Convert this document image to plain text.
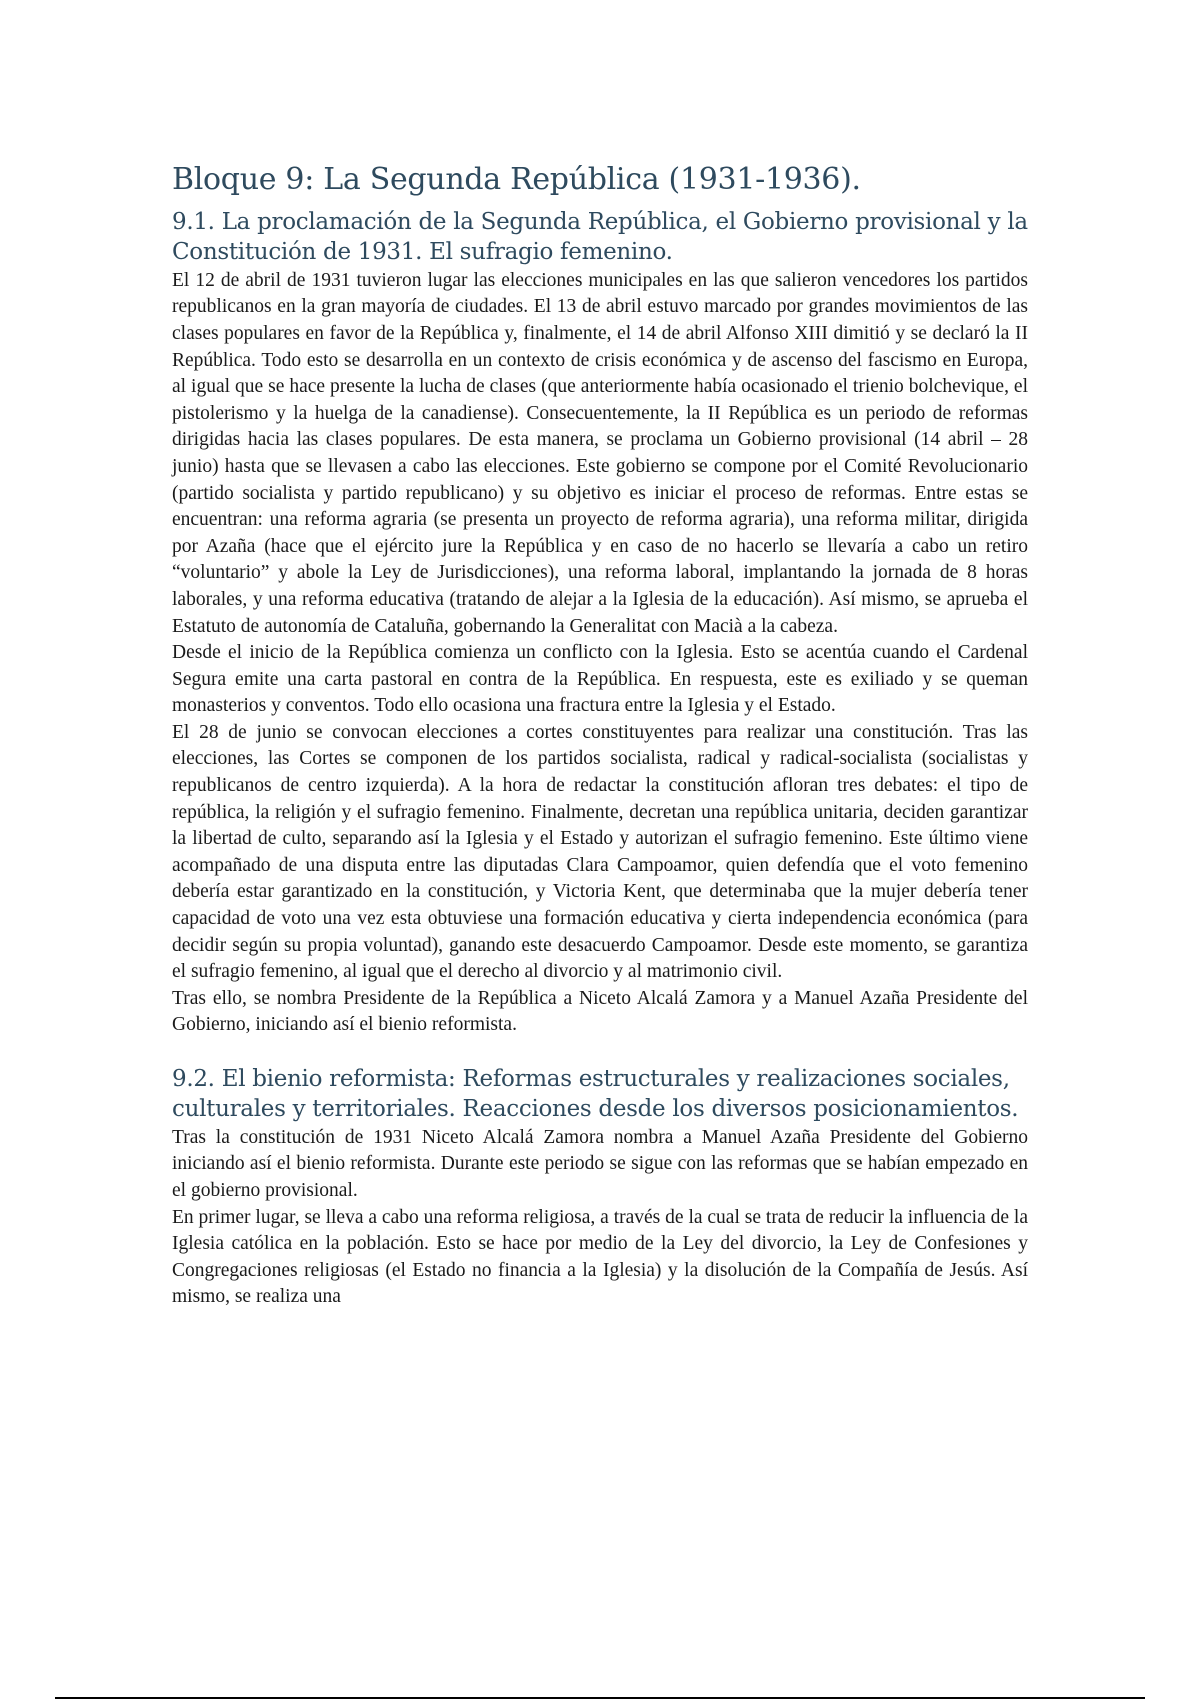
Bloque 9: La Segunda República (1931-1936).
9.1. La proclamación de la Segunda República, el Gobierno provisional y la Constitución de 1931. El sufragio femenino.

El 12 de abril de 1931 tuvieron lugar las elecciones municipales en las que salieron vencedores los partidos republicanos en la gran mayoría de ciudades. El 13 de abril estuvo marcado por grandes movimientos de las clases populares en favor de la República y, finalmente, el 14 de abril Alfonso XIII dimitió y se declaró la II República. Todo esto se desarrolla en un contexto de crisis económica y de ascenso del fascismo en Europa, al igual que se hace presente la lucha de clases (que anteriormente había ocasionado el trienio bolchevique, el pistolerismo y la huelga de la canadiense). Consecuentemente, la II República es un periodo de reformas dirigidas hacia las clases populares. De esta manera, se proclama un Gobierno provisional (14 abril – 28 junio) hasta que se llevasen a cabo las elecciones. Este gobierno se compone por el Comité Revolucionario (partido socialista y partido republicano) y su objetivo es iniciar el proceso de reformas. Entre estas se encuentran: una reforma agraria (se presenta un proyecto de reforma agraria), una reforma militar, dirigida por Azaña (hace que el ejército jure la República y en caso de no hacerlo se llevaría a cabo un retiro “voluntario” y abole la Ley de Jurisdicciones), una reforma laboral, implantando la jornada de 8 horas laborales, y una reforma educativa (tratando de alejar a la Iglesia de la educación). Así mismo, se aprueba el Estatuto de autonomía de Cataluña, gobernando la Generalitat con Macià a la cabeza.

Desde el inicio de la República comienza un conflicto con la Iglesia. Esto se acentúa cuando el Cardenal Segura emite una carta pastoral en contra de la República. En respuesta, este es exiliado y se queman monasterios y conventos. Todo ello ocasiona una fractura entre la Iglesia y el Estado.

El 28 de junio se convocan elecciones a cortes constituyentes para realizar una constitución. Tras las elecciones, las Cortes se componen de los partidos socialista, radical y radical-socialista (socialistas y republicanos de centro izquierda). A la hora de redactar la constitución afloran tres debates: el tipo de república, la religión y el sufragio femenino. Finalmente, decretan una república unitaria, deciden garantizar la libertad de culto, separando así la Iglesia y el Estado y autorizan el sufragio femenino. Este último viene acompañado de una disputa entre las diputadas Clara Campoamor, quien defendía que el voto femenino debería estar garantizado en la constitución, y Victoria Kent, que determinaba que la mujer debería tener capacidad de voto una vez esta obtuviese una formación educativa y cierta independencia económica (para decidir según su propia voluntad), ganando este desacuerdo Campoamor. Desde este momento, se garantiza el sufragio femenino, al igual que el derecho al divorcio y al matrimonio civil.

Tras ello, se nombra Presidente de la República a Niceto Alcalá Zamora y a Manuel Azaña Presidente del Gobierno, iniciando así el bienio reformista.

9.2. El bienio reformista: Reformas estructurales y realizaciones sociales, culturales y territoriales. Reacciones desde los diversos posicionamientos.

Tras la constitución de 1931 Niceto Alcalá Zamora nombra a Manuel Azaña Presidente del Gobierno iniciando así el bienio reformista. Durante este periodo se sigue con las reformas que se habían empezado en el gobierno provisional.

En primer lugar, se lleva a cabo una reforma religiosa, a través de la cual se trata de reducir la influencia de la Iglesia católica en la población. Esto se hace por medio de la Ley del divorcio, la Ley de Confesiones y Congregaciones religiosas (el Estado no financia a la Iglesia) y la disolución de la Compañía de Jesús. Así mismo, se realiza una
